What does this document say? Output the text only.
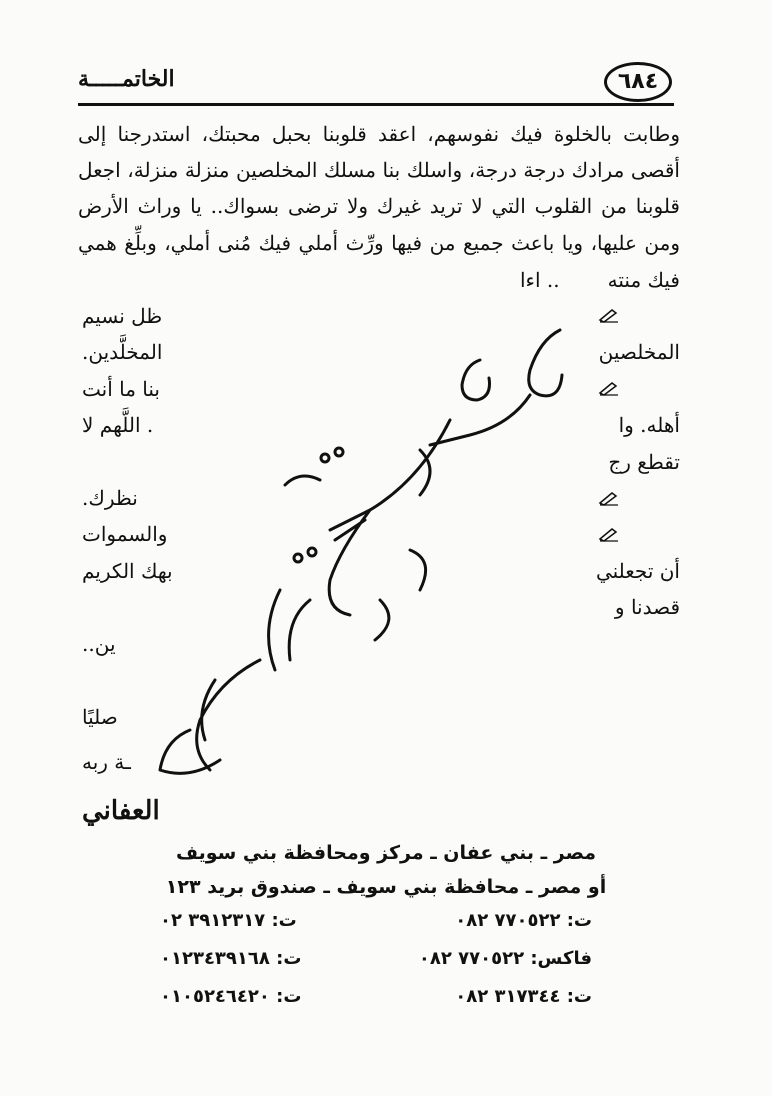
٦٨٤
الخاتمـــــة
وطابت بالخلوة فيك نفوسهم، اعقد قلوبنا بحبل محبتك، استدرجنا إلى
أقصى مرادك درجة درجة، واسلك بنا مسلك المخلصين منزلة منزلة، اجعل
قلوبنا من القلوب التي لا تريد غيرك ولا ترضى بسواك.. يا وراث الأرض
ومن عليها، ويا باعث جميع من فيها ورِّث أملي فيك مُنى أملي، وبلِّغ همي
فيك منته
.. اءا
ظل نسيم
المخلصين
المخلَّدين.
بنا ما أنت
أهله. وا
. اللَّهم لا
تقطع رج
نظرك.
والسموات
أن تجعلني
بهك الكريم
قصدنا و
ين..
صليًا
ـة ربه
العفاني
مصر ـ بني عفان ـ مركز ومحافظة بني سويف
أو مصر ـ محافظة بني سويف ـ صندوق بريد ١٢٣
ت: ٧٧٠٥٢٢ ٠٨٢
ت: ٣٩١٢٣١٧ ٠٢
فاكس: ٧٧٠٥٢٢ ٠٨٢
ت: ٠١٢٣٤٣٩١٦٨
ت: ٣١٧٣٤٤ ٠٨٢
ت: ٠١٠٥٢٤٦٤٢٠
